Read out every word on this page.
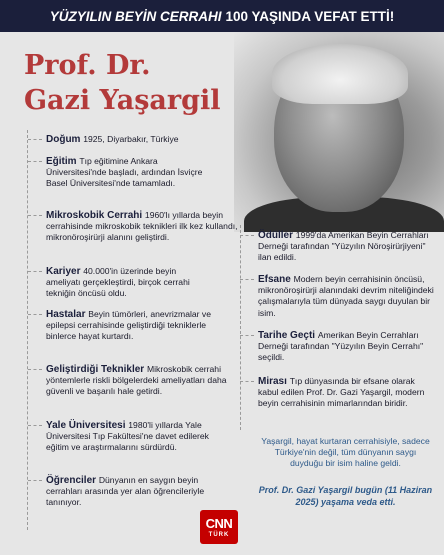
YÜZYILIN BEYİN CERRAHI 100 YAŞINDA VEFAT ETTİ!
Prof. Dr.
Gazi Yaşargil
Doğum 1925, Diyarbakır, Türkiye
Eğitim Tıp eğitimine Ankara Üniversitesi'nde başladı, ardından İsviçre Basel Üniversitesi'nde tamamladı.
Mikroskobik Cerrahi 1960'lı yıllarda beyin cerrahisinde mikroskobik teknikleri ilk kez kullandı, mikronöroşirürji alanını geliştirdi.
Kariyer 40.000'in üzerinde beyin ameliyatı gerçekleştirdi, birçok cerrahi tekniğin öncüsü oldu.
Hastalar Beyin tümörleri, anevrizmalar ve epilepsi cerrahisinde geliştirdiği tekniklerle binlerce hayat kurtardı.
Geliştirdiği Teknikler Mikroskobik cerrahi yöntemlerle riskli bölgelerdeki ameliyatları daha güvenli ve başarılı hale getirdi.
Yale Üniversitesi 1980'li yıllarda Yale Üniversitesi Tıp Fakültesi'ne davet edilerek eğitim ve araştırmalarını sürdürdü.
Öğrenciler Dünyanın en saygın beyin cerrahları arasında yer alan öğrencileriyle tanınıyor.
Ödüller 1999'da Amerikan Beyin Cerrahları Derneği tarafından "Yüzyılın Nöroşirürjiyeni" ilan edildi.
Efsane Modern beyin cerrahisinin öncüsü, mikronöroşirürji alanındaki devrim niteliğindeki çalışmalarıyla tüm dünyada saygı duyulan bir isim.
Tarihe Geçti Amerikan Beyin Cerrahları Derneği tarafından "Yüzyılın Beyin Cerrahı" seçildi.
Mirası Tıp dünyasında bir efsane olarak kabul edilen Prof. Dr. Gazi Yaşargil, modern beyin cerrahisinin mimarlarından biridir.
Yaşargil, hayat kurtaran cerrahisiyle, sadece Türkiye'nin değil, tüm dünyanın saygı duyduğu bir isim haline geldi.
Prof. Dr. Gazi Yaşargil bugün (11 Haziran 2025) yaşama veda etti.
CNN
TÜRK
